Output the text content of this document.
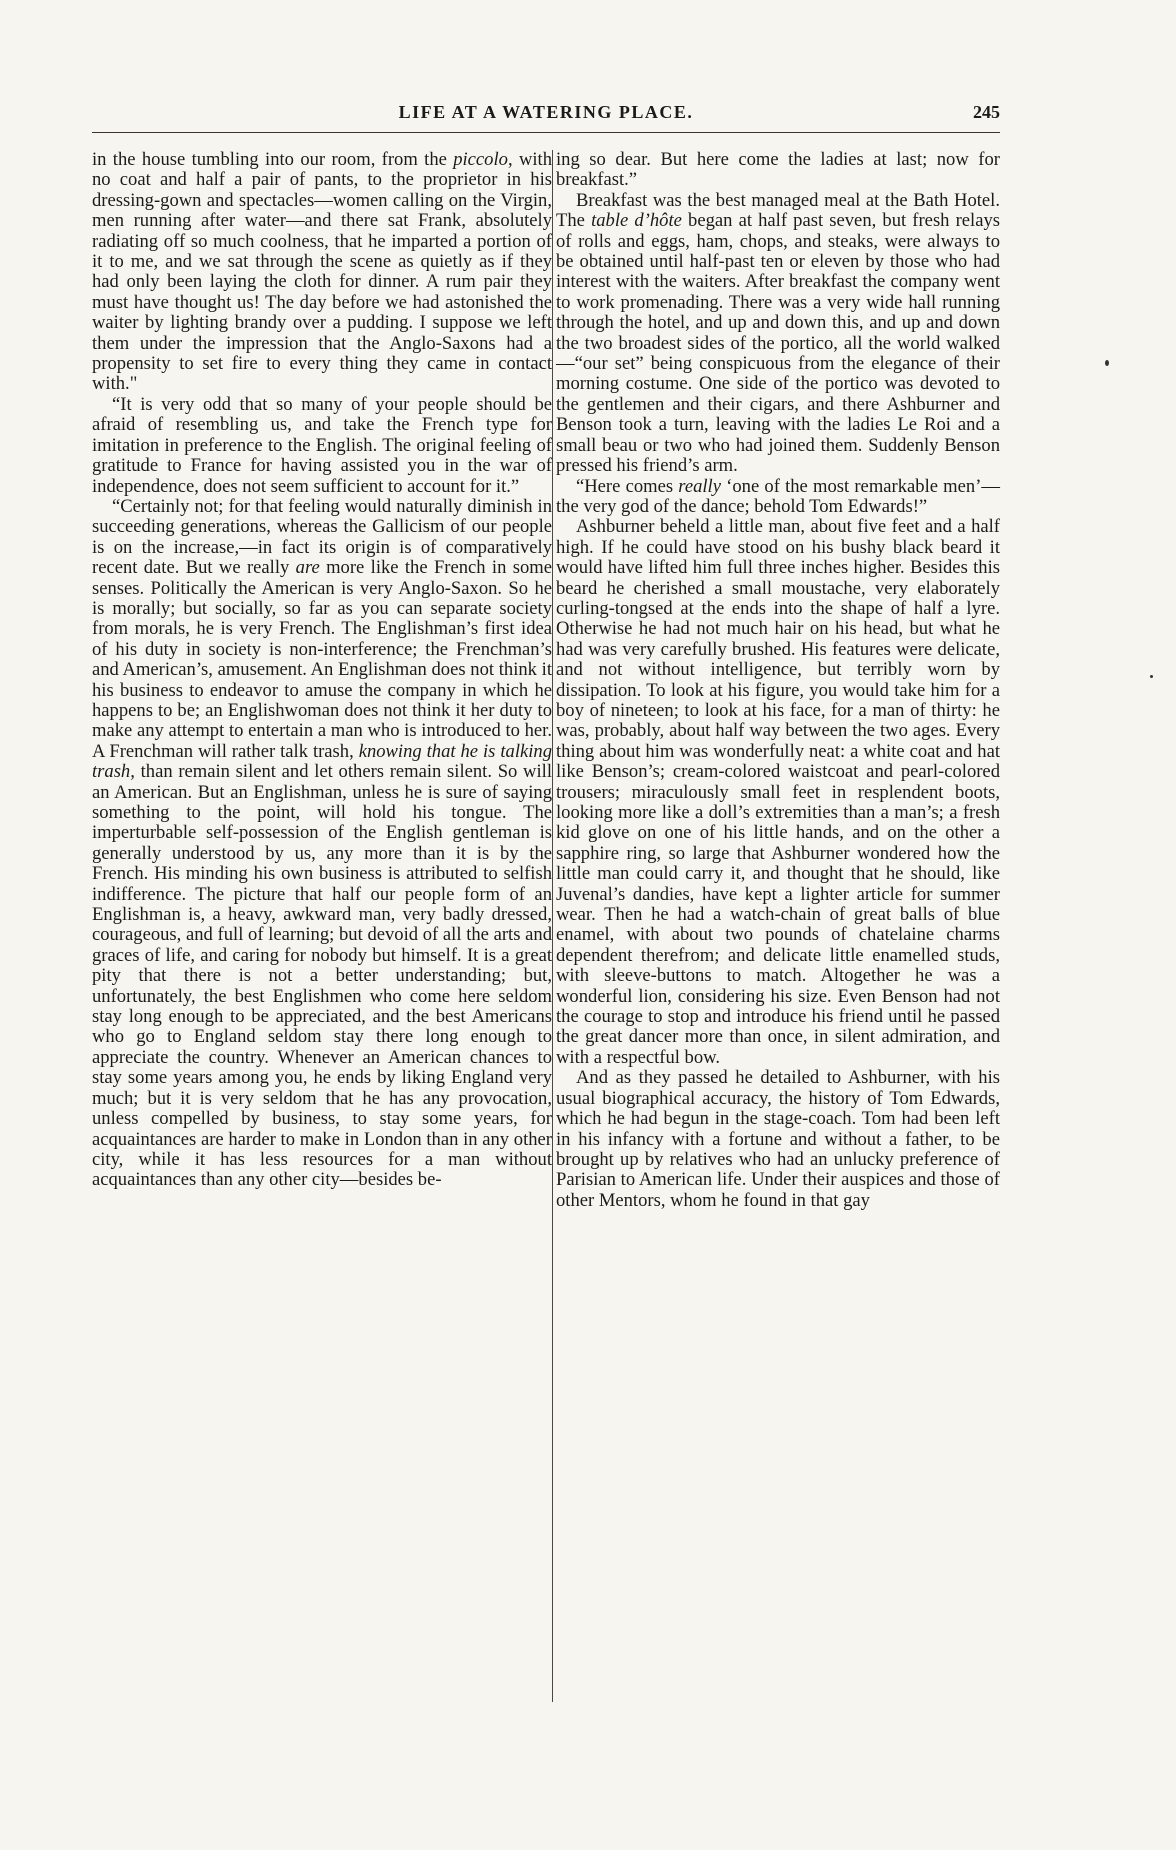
LIFE AT A WATERING PLACE.	245

in the house tumbling into our room, from the piccolo, with no coat and half a pair of pants, to the proprietor in his dressing-gown and spectacles—women calling on the Virgin, men running after water—and there sat Frank, absolutely radiating off so much coolness, that he imparted a portion of it to me, and we sat through the scene as quietly as if they had only been laying the cloth for dinner. A rum pair they must have thought us! The day before we had astonished the waiter by lighting brandy over a pudding. I suppose we left them under the impression that the Anglo-Saxons had a propensity to set fire to every thing they came in contact with."

“It is very odd that so many of your people should be afraid of resembling us, and take the French type for imitation in preference to the English. The original feeling of gratitude to France for having assisted you in the war of independence, does not seem sufficient to account for it.”

“Certainly not; for that feeling would naturally diminish in succeeding generations, whereas the Gallicism of our people is on the increase,—in fact its origin is of comparatively recent date. But we really are more like the French in some senses. Politically the American is very Anglo-Saxon. So he is morally; but socially, so far as you can separate society from morals, he is very French. The Englishman’s first idea of his duty in society is non-interference; the Frenchman’s and American’s, amusement. An Englishman does not think it his business to endeavor to amuse the company in which he happens to be; an Englishwoman does not think it her duty to make any attempt to entertain a man who is introduced to her. A Frenchman will rather talk trash, knowing that he is talking trash, than remain silent and let others remain silent. So will an American. But an Englishman, unless he is sure of saying something to the point, will hold his tongue. The imperturbable self-possession of the English gentleman is generally understood by us, any more than it is by the French. His minding his own business is attributed to selfish indifference. The picture that half our people form of an Englishman is, a heavy, awkward man, very badly dressed, courageous, and full of learning; but devoid of all the arts and graces of life, and caring for nobody but himself. It is a great pity that there is not a better understanding; but, unfortunately, the best Englishmen who come here seldom stay long enough to be appreciated, and the best Americans who go to England seldom stay there long enough to appreciate the country. Whenever an American chances to stay some years among you, he ends by liking England very much; but it is very seldom that he has any provocation, unless compelled by business, to stay some years, for acquaintances are harder to make in London than in any other city, while it has less resources for a man without acquaintances than any other city—besides be-

ing so dear. But here come the ladies at last; now for breakfast.”

Breakfast was the best managed meal at the Bath Hotel. The table d’hôte began at half past seven, but fresh relays of rolls and eggs, ham, chops, and steaks, were always to be obtained until half-past ten or eleven by those who had interest with the waiters. After breakfast the company went to work promenading. There was a very wide hall running through the hotel, and up and down this, and up and down the two broadest sides of the portico, all the world walked—“our set” being conspicuous from the elegance of their morning costume. One side of the portico was devoted to the gentlemen and their cigars, and there Ashburner and Benson took a turn, leaving with the ladies Le Roi and a small beau or two who had joined them. Suddenly Benson pressed his friend’s arm.

“Here comes really ‘one of the most remarkable men’—the very god of the dance; behold Tom Edwards!”

Ashburner beheld a little man, about five feet and a half high. If he could have stood on his bushy black beard it would have lifted him full three inches higher. Besides this beard he cherished a small moustache, very elaborately curling-tongsed at the ends into the shape of half a lyre. Otherwise he had not much hair on his head, but what he had was very carefully brushed. His features were delicate, and not without intelligence, but terribly worn by dissipation. To look at his figure, you would take him for a boy of nineteen; to look at his face, for a man of thirty: he was, probably, about half way between the two ages. Every thing about him was wonderfully neat: a white coat and hat like Benson’s; cream-colored waistcoat and pearl-colored trousers; miraculously small feet in resplendent boots, looking more like a doll’s extremities than a man’s; a fresh kid glove on one of his little hands, and on the other a sapphire ring, so large that Ashburner wondered how the little man could carry it, and thought that he should, like Juvenal’s dandies, have kept a lighter article for summer wear. Then he had a watch-chain of great balls of blue enamel, with about two pounds of chatelaine charms dependent therefrom; and delicate little enamelled studs, with sleeve-buttons to match. Altogether he was a wonderful lion, considering his size. Even Benson had not the courage to stop and introduce his friend until he passed the great dancer more than once, in silent admiration, and with a respectful bow.

And as they passed he detailed to Ashburner, with his usual biographical accuracy, the history of Tom Edwards, which he had begun in the stage-coach. Tom had been left in his infancy with a fortune and without a father, to be brought up by relatives who had an unlucky preference of Parisian to American life. Under their auspices and those of other Mentors, whom he found in that gay
